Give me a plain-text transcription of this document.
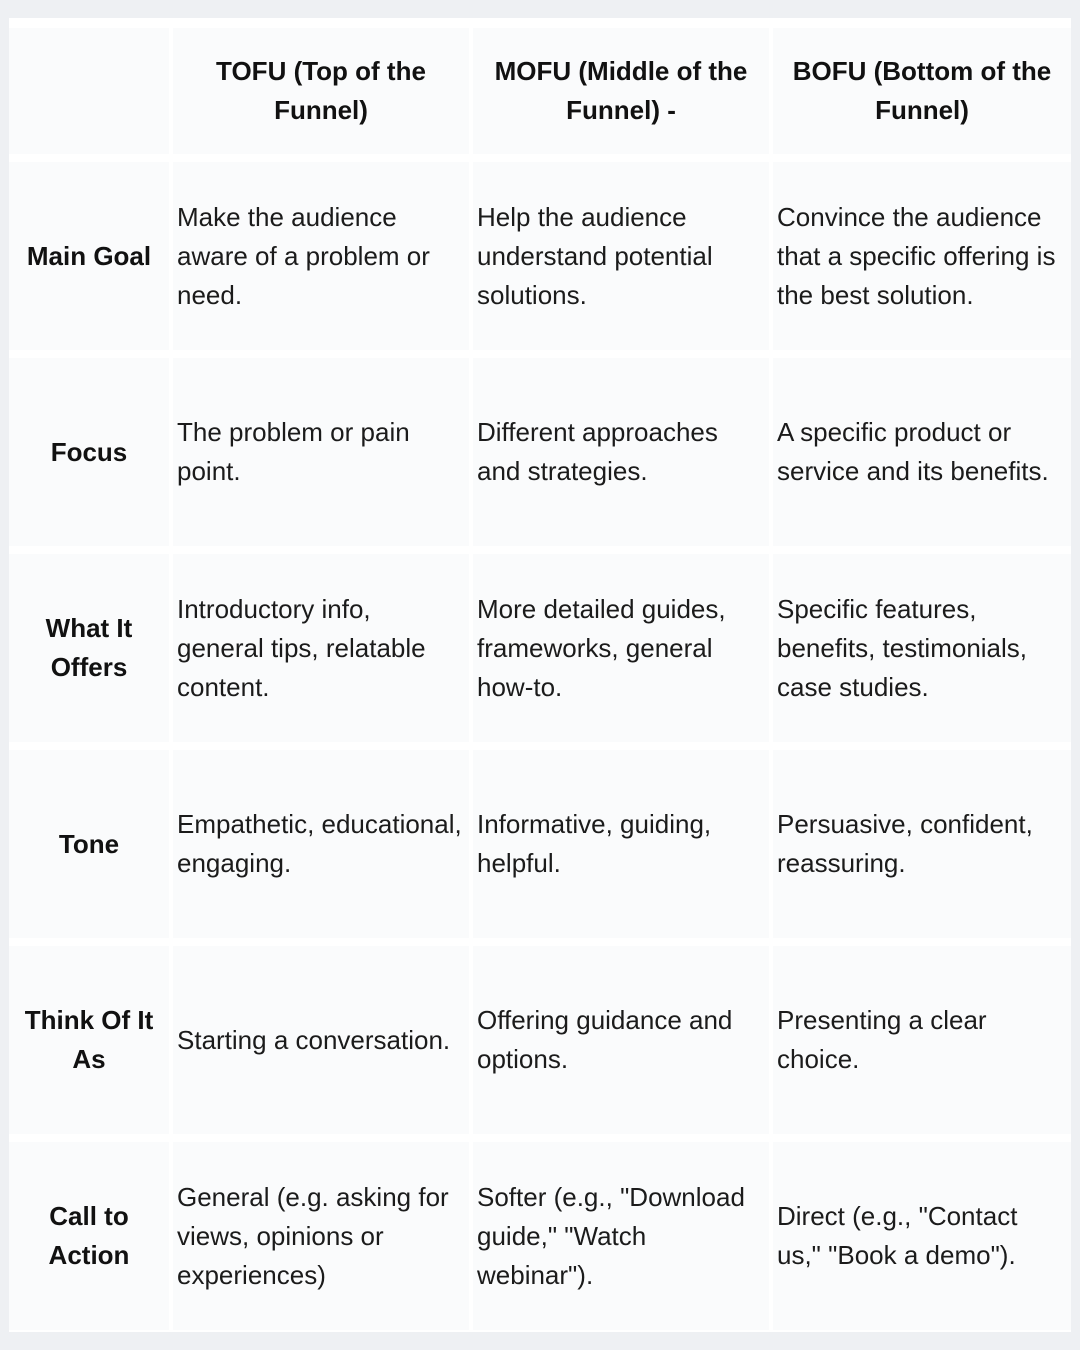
TOFU (Top of the Funnel)
MOFU (Middle of the Funnel) -
BOFU (Bottom of the Funnel)
Main Goal
Make the audience aware of a problem or need.
Help the audience understand potential solutions.
Convince the audience that a specific offering is the best solution.
Focus
The problem or pain point.
Different approaches and strategies.
A specific product or service and its benefits.
What It Offers
Introductory info, general tips, relatable content.
More detailed guides, frameworks, general how-to.
Specific features, benefits, testimonials, case studies.
Tone
Empathetic, educational, engaging.
Informative, guiding, helpful.
Persuasive, confident, reassuring.
Think Of It As
Starting a conversation.
Offering guidance and options.
Presenting a clear choice.
Call to Action
General (e.g. asking for views, opinions or experiences)
Softer (e.g., "Download guide," "Watch webinar").
Direct (e.g., "Contact us," "Book a demo").
